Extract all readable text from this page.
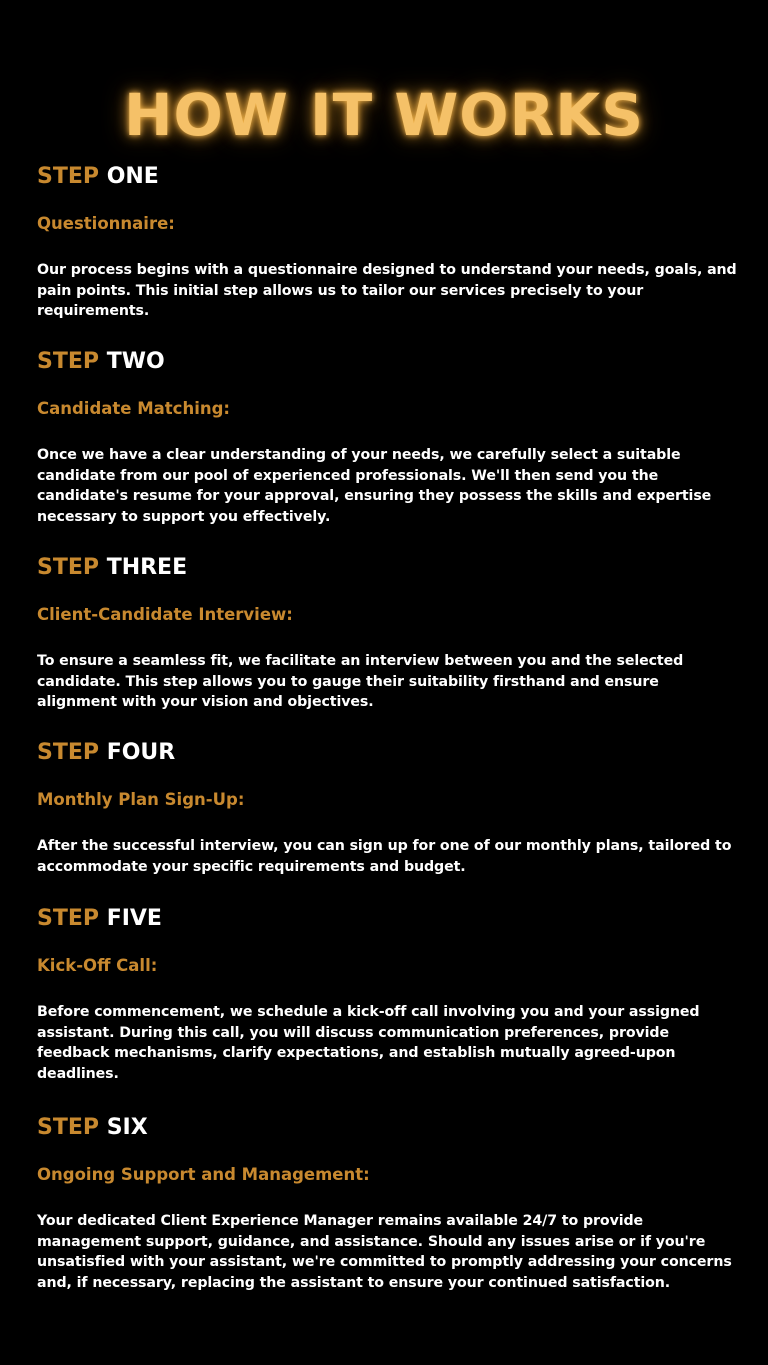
HOW IT WORKS
STEP ONE
Questionnaire:

Our process begins with a questionnaire designed to understand your needs, goals, and pain points. This initial step allows us to tailor our services precisely to your requirements.

STEP TWO
Candidate Matching:

Once we have a clear understanding of your needs, we carefully select a suitable candidate from our pool of experienced professionals. We'll then send you the candidate's resume for your approval, ensuring they possess the skills and expertise necessary to support you effectively.

STEP THREE
Client-Candidate Interview:

To ensure a seamless fit, we facilitate an interview between you and the selected candidate. This step allows you to gauge their suitability firsthand and ensure alignment with your vision and objectives.

STEP FOUR
Monthly Plan Sign-Up:

After the successful interview, you can sign up for one of our monthly plans, tailored to accommodate your specific requirements and budget.

STEP FIVE
Kick-Off Call:

Before commencement, we schedule a kick-off call involving you and your assigned assistant. During this call, you will discuss communication preferences, provide feedback mechanisms, clarify expectations, and establish mutually agreed-upon deadlines.

STEP SIX
Ongoing Support and Management:

Your dedicated Client Experience Manager remains available 24/7 to provide management support, guidance, and assistance. Should any issues arise or if you're unsatisfied with your assistant, we're committed to promptly addressing your concerns and, if necessary, replacing the assistant to ensure your continued satisfaction.
